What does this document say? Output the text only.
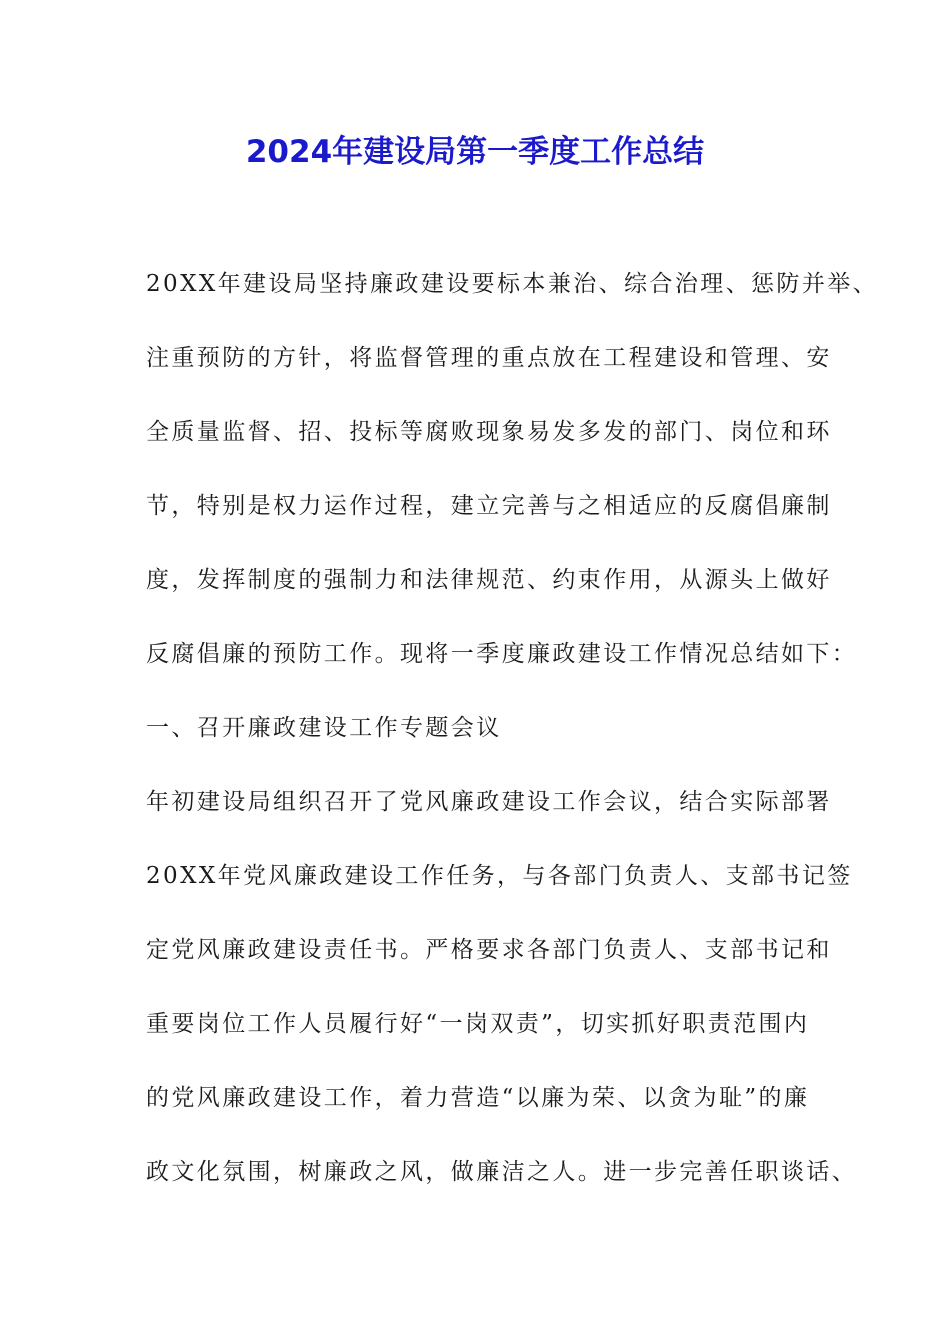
2024年建设局第一季度工作总结
20XX年建设局坚持廉政建设要标本兼治、综合治理、惩防并举、
注重预防的方针，将监督管理的重点放在工程建设和管理、安
全质量监督、招、投标等腐败现象易发多发的部门、岗位和环
节，特别是权力运作过程，建立完善与之相适应的反腐倡廉制
度，发挥制度的强制力和法律规范、约束作用，从源头上做好
反腐倡廉的预防工作。现将一季度廉政建设工作情况总结如下：
一、召开廉政建设工作专题会议
年初建设局组织召开了党风廉政建设工作会议，结合实际部署
20XX年党风廉政建设工作任务，与各部门负责人、支部书记签
定党风廉政建设责任书。严格要求各部门负责人、支部书记和
重要岗位工作人员履行好“一岗双责”，切实抓好职责范围内
的党风廉政建设工作，着力营造“以廉为荣、以贪为耻”的廉
政文化氛围，树廉政之风，做廉洁之人。进一步完善任职谈话、
